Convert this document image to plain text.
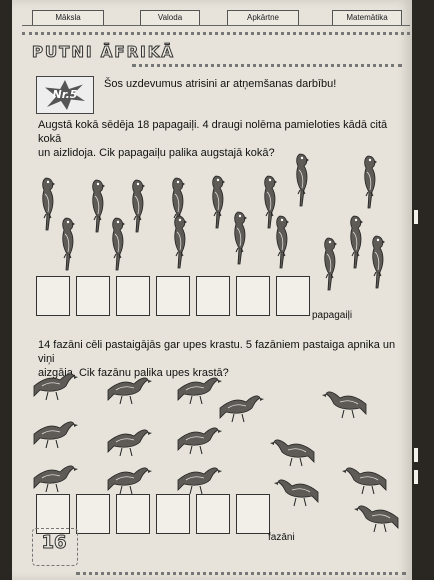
Māksla	Valoda	Apkārtne	Matemātika
PUTNI ĀFRIKĀ
Nr.5
Šos uzdevumus atrisini ar atņemšanas darbību!
Augstā kokā sēdēja 18 papagaiļi. 4 draugi nolēma pamieloties kādā citā kokā
un aizlidoja. Cik papagaiļu palika augstajā kokā?
papagaiļi
14 fazāni cēli pastaigājās gar upes krastu. 5 fazāniem pastaiga apnika un viņi
aizgāja. Cik fazānu palika upes krastā?
fazāni
16
